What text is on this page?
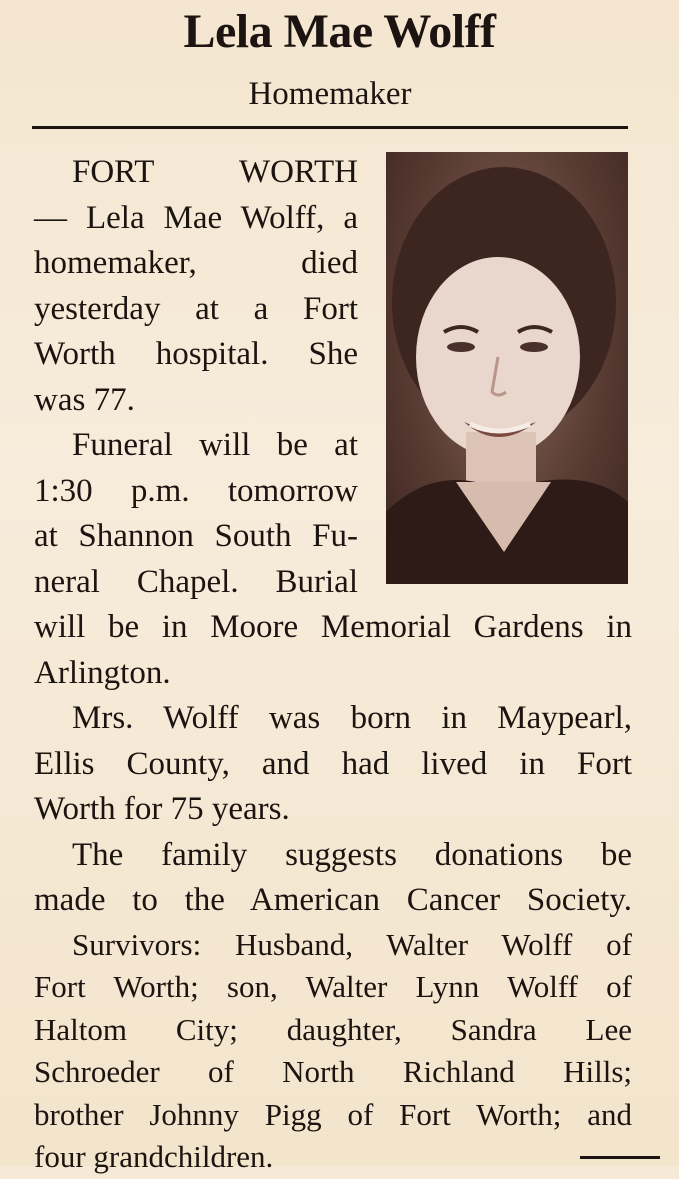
Lela Mae Wolff
Homemaker
FORT WORTH
— Lela Mae Wolff, a
homemaker, died
yesterday at a Fort
Worth hospital. She
was 77.
Funeral will be at
1:30 p.m. tomorrow
at Shannon South Fu-
neral Chapel. Burial
will be in Moore Memorial Gardens in
Arlington.
Mrs. Wolff was born in Maypearl,
Ellis County, and had lived in Fort
Worth for 75 years.
The family suggests donations be
made to the American Cancer Society.
Survivors: Husband, Walter Wolff of
Fort Worth; son, Walter Lynn Wolff of
Haltom City; daughter, Sandra Lee
Schroeder of North Richland Hills;
brother Johnny Pigg of Fort Worth; and
four grandchildren.
